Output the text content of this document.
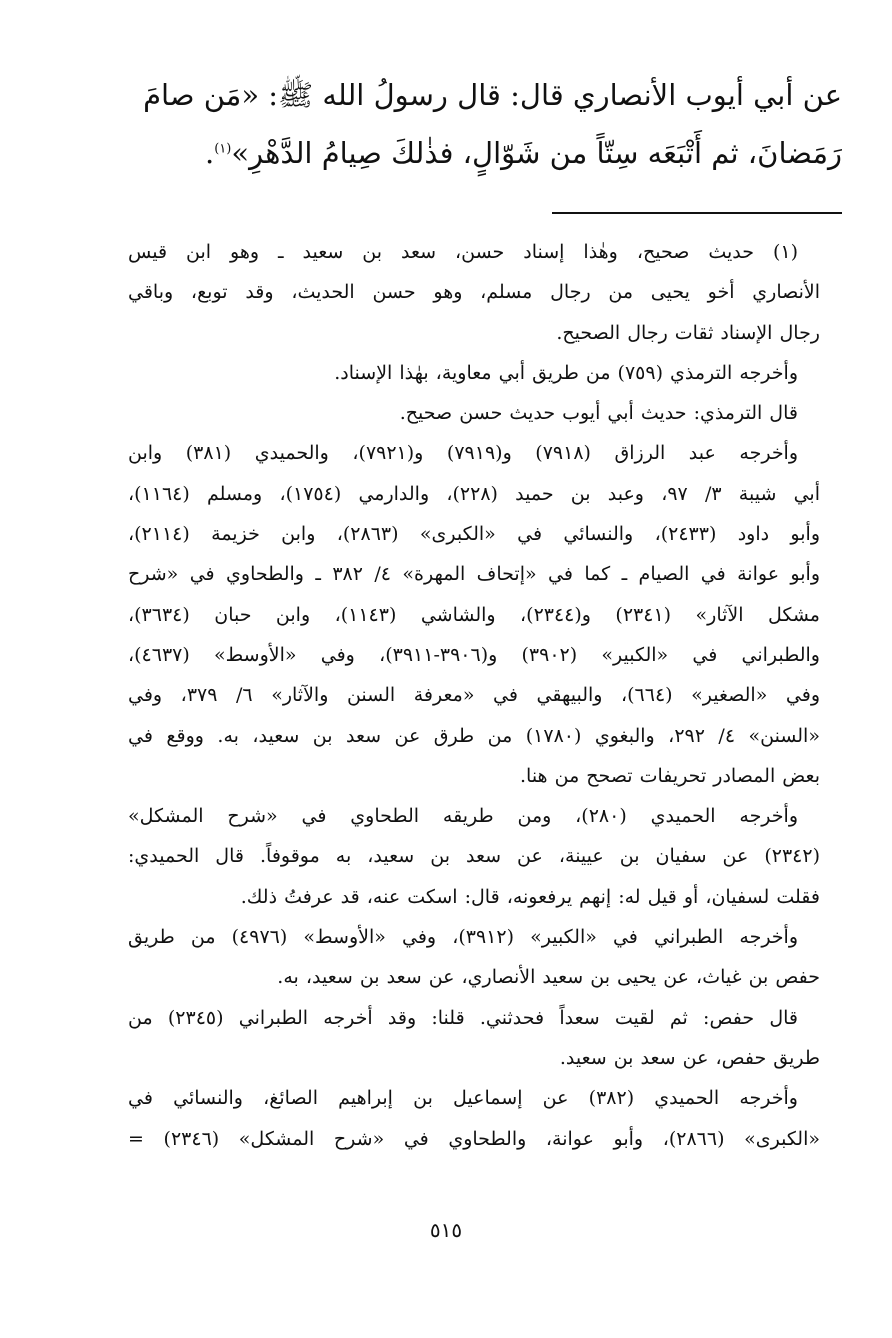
عن أبي أيوب الأنصاري قال: قال رسولُ الله ﷺ: «مَن صامَ
رَمَضانَ، ثم أَتْبَعَه سِتّاً من شَوّالٍ، فذٰلكَ صِيامُ الدَّهْرِ»$^{(١)}$.
(١) حديث صحيح، وهٰذا إسناد حسن، سعد بن سعيد ـ وهو ابن قيس
الأنصاري أخو يحيى من رجال مسلم، وهو حسن الحديث، وقد توبع، وباقي
رجال الإسناد ثقات رجال الصحيح.
وأخرجه الترمذي (٧٥٩) من طريق أبي معاوية، بهٰذا الإسناد.
قال الترمذي: حديث أبي أيوب حديث حسن صحيح.
وأخرجه عبد الرزاق (٧٩١٨) و(٧٩١٩) و(٧٩٢١)، والحميدي (٣٨١) وابن
أبي شيبة ٣/ ٩٧، وعبد بن حميد (٢٢٨)، والدارمي (١٧٥٤)، ومسلم (١١٦٤)،
وأبو داود (٢٤٣٣)، والنسائي في «الكبرى» (٢٨٦٣)، وابن خزيمة (٢١١٤)،
وأبو عوانة في الصيام ـ كما في «إتحاف المهرة» ٤/ ٣٨٢ ـ والطحاوي في «شرح
مشكل الآثار» (٢٣٤١) و(٢٣٤٤)، والشاشي (١١٤٣)، وابن حبان (٣٦٣٤)،
والطبراني في «الكبير» (٣٩٠٢) و(٣٩٠٦-٣٩١١)، وفي «الأوسط» (٤٦٣٧)،
وفي «الصغير» (٦٦٤)، والبيهقي في «معرفة السنن والآثار» ٦/ ٣٧٩، وفي
«السنن» ٤/ ٢٩٢، والبغوي (١٧٨٠) من طرق عن سعد بن سعيد، به. ووقع في
بعض المصادر تحريفات تصحح من هنا.
وأخرجه الحميدي (٢٨٠)، ومن طريقه الطحاوي في «شرح المشكل»
(٢٣٤٢) عن سفيان بن عيينة، عن سعد بن سعيد، به موقوفاً. قال الحميدي:
فقلت لسفيان، أو قيل له: إنهم يرفعونه، قال: اسكت عنه، قد عرفتُ ذلك.
وأخرجه الطبراني في «الكبير» (٣٩١٢)، وفي «الأوسط» (٤٩٧٦) من طريق
حفص بن غياث، عن يحيى بن سعيد الأنصاري، عن سعد بن سعيد، به.
قال حفص: ثم لقيت سعداً فحدثني. قلنا: وقد أخرجه الطبراني (٢٣٤٥) من
طريق حفص، عن سعد بن سعيد.
وأخرجه الحميدي (٣٨٢) عن إسماعيل بن إبراهيم الصائغ، والنسائي في
«الكبرى» (٢٨٦٦)، وأبو عوانة، والطحاوي في «شرح المشكل» (٢٣٤٦) =
٥١٥
